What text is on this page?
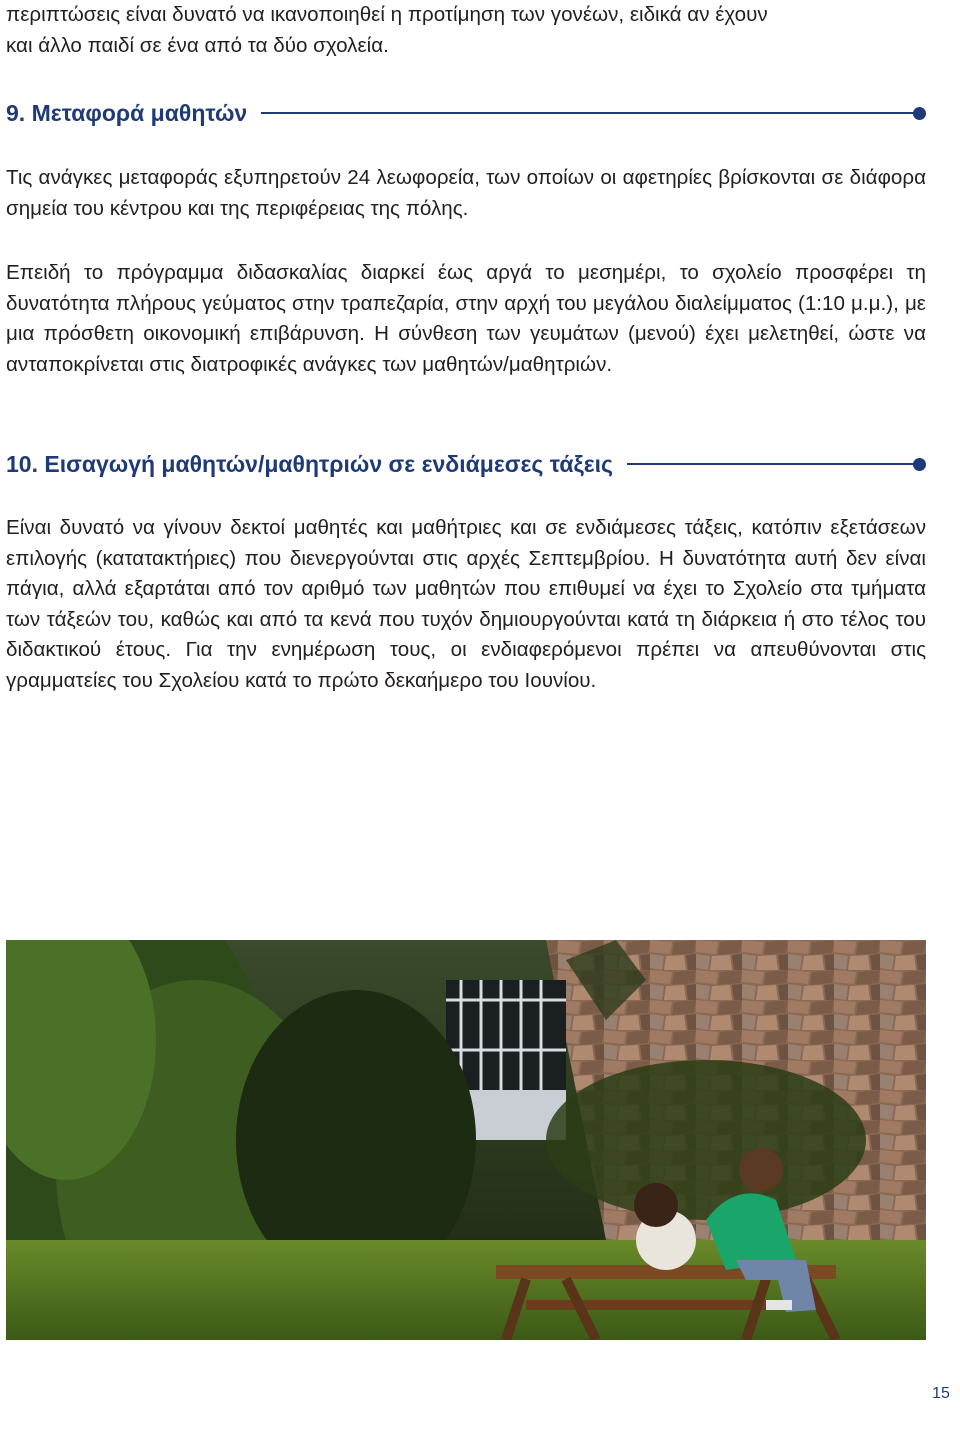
περιπτώσεις είναι δυνατό να ικανοποιηθεί η προτίμηση των γονέων, ειδικά αν έχουν
και άλλο παιδί σε ένα από τα δύο σχολεία.

9. Μεταφορά μαθητών

Τις ανάγκες μεταφοράς εξυπηρετούν 24 λεωφορεία, των οποίων οι αφετηρίες βρίσκονται σε διάφορα σημεία του κέντρου και της περιφέρειας της πόλης.

Επειδή το πρόγραμμα διδασκαλίας διαρκεί έως αργά το μεσημέρι, το σχολείο προσφέρει τη δυνατότητα πλήρους γεύματος στην τραπεζαρία, στην αρχή του μεγάλου διαλείμματος (1:10 μ.μ.), με μια πρόσθετη οικονομική επιβάρυνση. Η σύνθεση των γευμάτων (μενού) έχει μελετηθεί, ώστε να ανταποκρίνεται στις διατροφικές ανάγκες των μαθητών/μαθητριών.

10. Εισαγωγή μαθητών/μαθητριών σε ενδιάμεσες τάξεις

Είναι δυνατό να γίνουν δεκτοί μαθητές και μαθήτριες και σε ενδιάμεσες τάξεις, κατόπιν εξετάσεων επιλογής (κατατακτήριες) που διενεργούνται στις αρχές Σεπτεμβρίου. Η δυνατότητα αυτή δεν είναι πάγια, αλλά εξαρτάται από τον αριθμό των μαθητών που επιθυμεί να έχει το Σχολείο στα τμήματα των τάξεών του, καθώς και από τα κενά που τυχόν δημιουργούνται κατά τη διάρκεια ή στο τέλος του διδακτικού έτους. Για την ενημέρωση τους, οι ενδιαφερόμενοι πρέπει να απευθύνονται στις γραμματείες του Σχολείου κατά το πρώτο δεκαήμερο του Ιουνίου.

15
